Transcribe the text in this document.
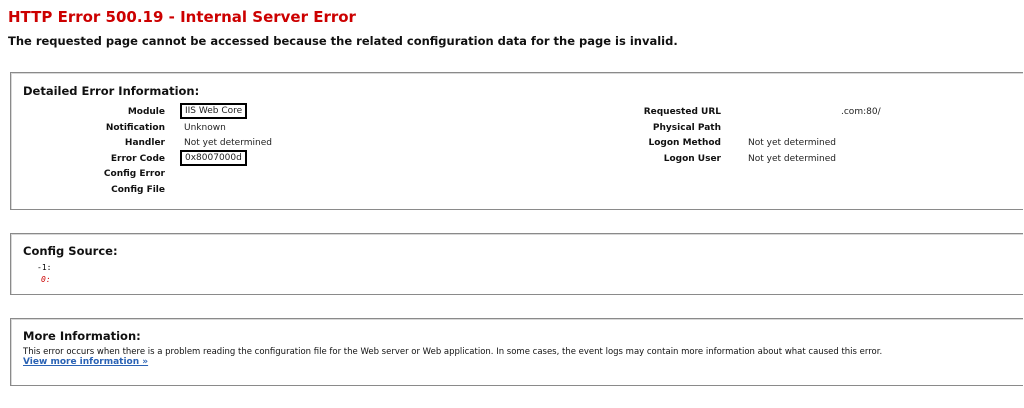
HTTP Error 500.19 - Internal Server Error
The requested page cannot be accessed because the related configuration data for the page is invalid.
Detailed Error Information:
Module
Notification
Handler
Error Code
Config Error
Config File
IIS Web Core
Unknown
Not yet determined
0x8007000d
Requested URL
Physical Path
Logon Method
Logon User
.com:80/
Not yet determined
Not yet determined
Config Source:
-1:
0:
More Information:
This error occurs when there is a problem reading the configuration file for the Web server or Web application. In some cases, the event logs may contain more information about what caused this error.
View more information »
